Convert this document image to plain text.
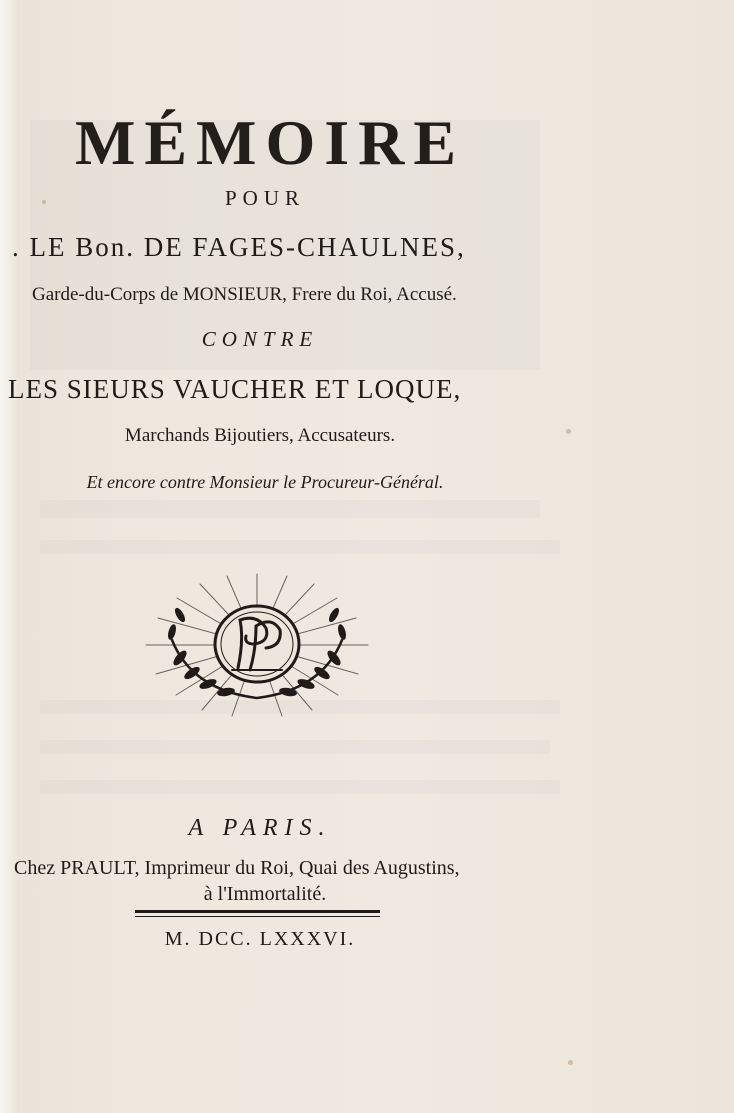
MÉMOIRE
POUR
. LE Bon. DE FAGES-CHAULNES,
Garde-du-Corps de MONSIEUR, Frere du Roi, Accusé.
CONTRE
LES SIEURS VAUCHER ET LOQUE,
Marchands Bijoutiers, Accusateurs.
Et encore contre Monsieur le Procureur-Général.
A PARIS.
Chez PRAULT, Imprimeur du Roi, Quai des Augustins,
à l'Immortalité.
M. DCC. LXXXVI.
